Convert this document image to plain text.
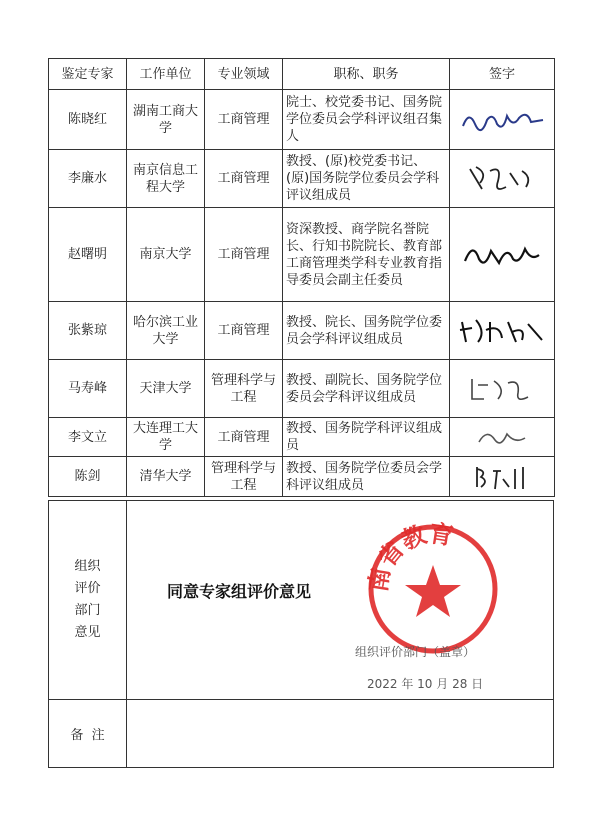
鉴定专家	工作单位	专业领域	职称、职务	签字
陈晓红	湖南工商大学	工商管理	院士、校党委书记、国务院学位委员会学科评议组召集人	

李廉水	南京信息工程大学	工商管理	教授、(原)校党委书记、(原)国务院学位委员会学科评议组成员	

赵曙明	南京大学	工商管理	资深教授、商学院名誉院长、行知书院院长、教育部工商管理类学科专业教育指导委员会副主任委员	

张紫琼	哈尔滨工业大学	工商管理	教授、院长、国务院学位委员会学科评议组成员	

马寿峰	天津大学	管理科学与工程	教授、副院长、国务院学位委员会学科评议组成员	

李文立	大连理工大学	工商管理	教授、国务院学科评议组成员	

陈剑	清华大学	管理科学与工程	教授、国务院学位委员会学科评议组成员	
组织
评价
部门
意见
同意专家组评价意见 南省教育
组织评价部门（盖章）
2022 年 10 月 28 日
备  注
